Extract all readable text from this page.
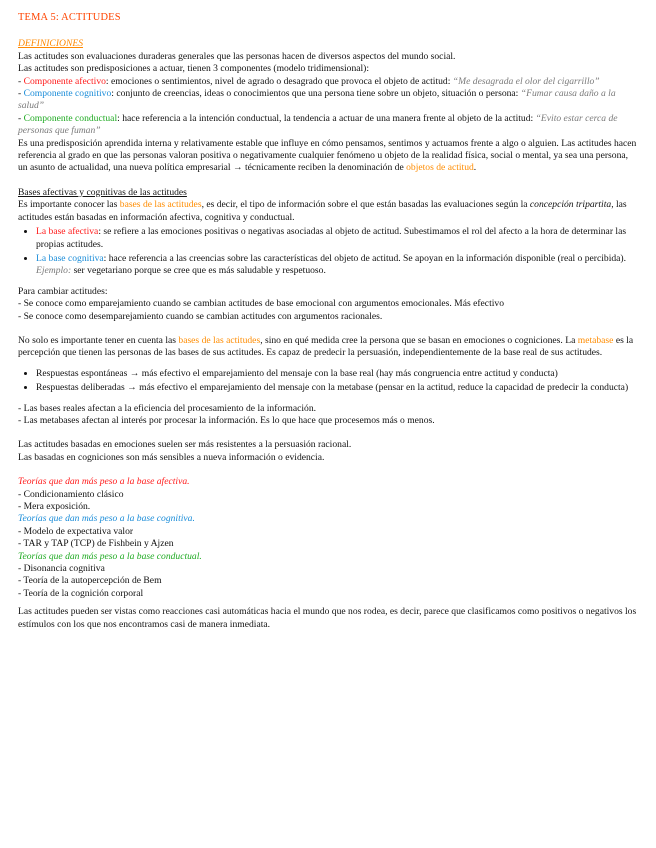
TEMA 5: ACTITUDES

DEFINICIONES

Las actitudes son evaluaciones duraderas generales que las personas hacen de diversos aspectos del mundo social.

Las actitudes son predisposiciones a actuar, tienen 3 componentes (modelo tridimensional):

- Componente afectivo: emociones o sentimientos, nivel de agrado o desagrado que provoca el objeto de actitud: “Me desagrada el olor del cigarrillo”

- Componente cognitivo: conjunto de creencias, ideas o conocimientos que una persona tiene sobre un objeto, situación o persona: “Fumar causa daño a la salud”

- Componente conductual: hace referencia a la intención conductual, la tendencia a actuar de una manera frente al objeto de la actitud: “Evito estar cerca de personas que fuman”

Es una predisposición aprendida interna y relativamente estable que influye en cómo pensamos, sentimos y actuamos frente a algo o alguien. Las actitudes hacen referencia al grado en que las personas valoran positiva o negativamente cualquier fenómeno u objeto de la realidad física, social o mental, ya sea una persona, un asunto de actualidad, una nueva política empresarial → técnicamente reciben la denominación de objetos de actitud.

Bases afectivas y cognitivas de las actitudes

Es importante conocer las bases de las actitudes, es decir, el tipo de información sobre el que están basadas las evaluaciones según la concepción tripartita, las actitudes están basadas en información afectiva, cognitiva y conductual.

• La base afectiva: se refiere a las emociones positivas o negativas asociadas al objeto de actitud. Subestimamos el rol del afecto a la hora de determinar las propias actitudes.
• La base cognitiva: hace referencia a las creencias sobre las características del objeto de actitud. Se apoyan en la información disponible (real o percibida). Ejemplo: ser vegetariano porque se cree que es más saludable y respetuoso.

Para cambiar actitudes:

- Se conoce como emparejamiento cuando se cambian actitudes de base emocional con argumentos emocionales. Más efectivo

- Se conoce como desemparejamiento cuando se cambian actitudes con argumentos racionales.

No solo es importante tener en cuenta las bases de las actitudes, sino en qué medida cree la persona que se basan en emociones o cogniciones. La metabase es la percepción que tienen las personas de las bases de sus actitudes. Es capaz de predecir la persuasión, independientemente de la base real de sus actitudes.

• Respuestas espontáneas → más efectivo el emparejamiento del mensaje con la base real (hay más congruencia entre actitud y conducta)
• Respuestas deliberadas → más efectivo el emparejamiento del mensaje con la metabase (pensar en la actitud, reduce la capacidad de predecir la conducta)

- Las bases reales afectan a la eficiencia del procesamiento de la información.

- Las metabases afectan al interés por procesar la información. Es lo que hace que procesemos más o menos.

Las actitudes basadas en emociones suelen ser más resistentes a la persuasión racional.

Las basadas en cogniciones son más sensibles a nueva información o evidencia.

Teorías que dan más peso a la base afectiva.

- Condicionamiento clásico

- Mera exposición.

Teorías que dan más peso a la base cognitiva.

- Modelo de expectativa valor

- TAR y TAP (TCP) de Fishbein y Ajzen

Teorías que dan más peso a la base conductual.

- Disonancia cognitiva

- Teoría de la autopercepción de Bem

- Teoría de la cognición corporal

Las actitudes pueden ser vistas como reacciones casi automáticas hacia el mundo que nos rodea, es decir, parece que clasificamos como positivos o negativos los estímulos con los que nos encontramos casi de manera inmediata.
